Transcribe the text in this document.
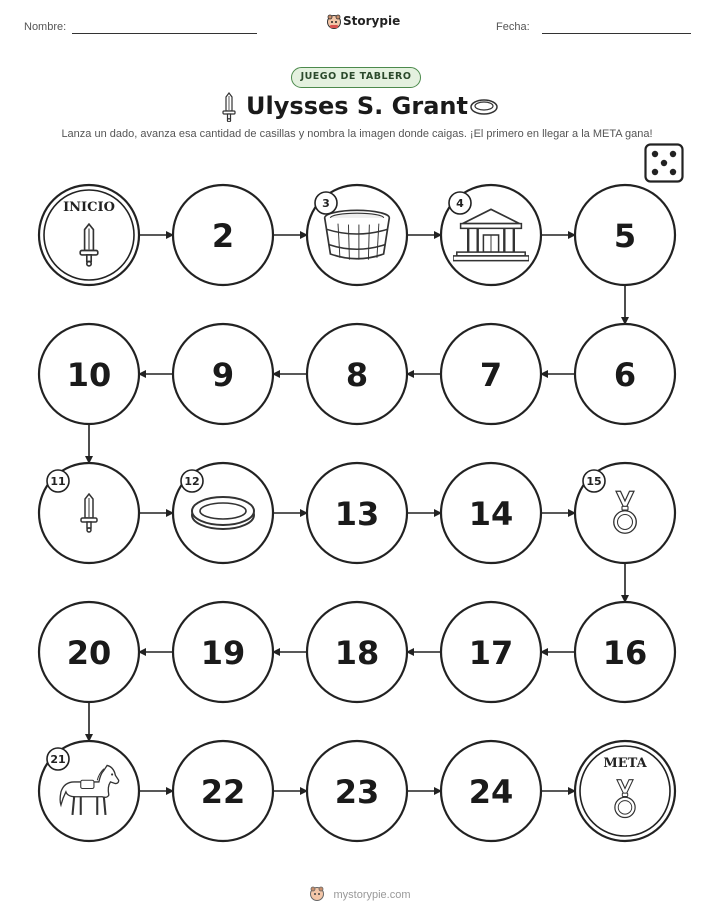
Nombre:	Storypie	Fecha:
JUEGO DE TABLERO
Ulysses S. Grant
Lanza un dado, avanza esa cantidad de casillas y nombra la imagen donde caigas. ¡El primero en llegar a la META gana!
INICIO
2
3	4
5
6
7
8
9
10
11	12
13	14
15
16
17
18
19
20
21
22	23	24
META
mystorypie.com
